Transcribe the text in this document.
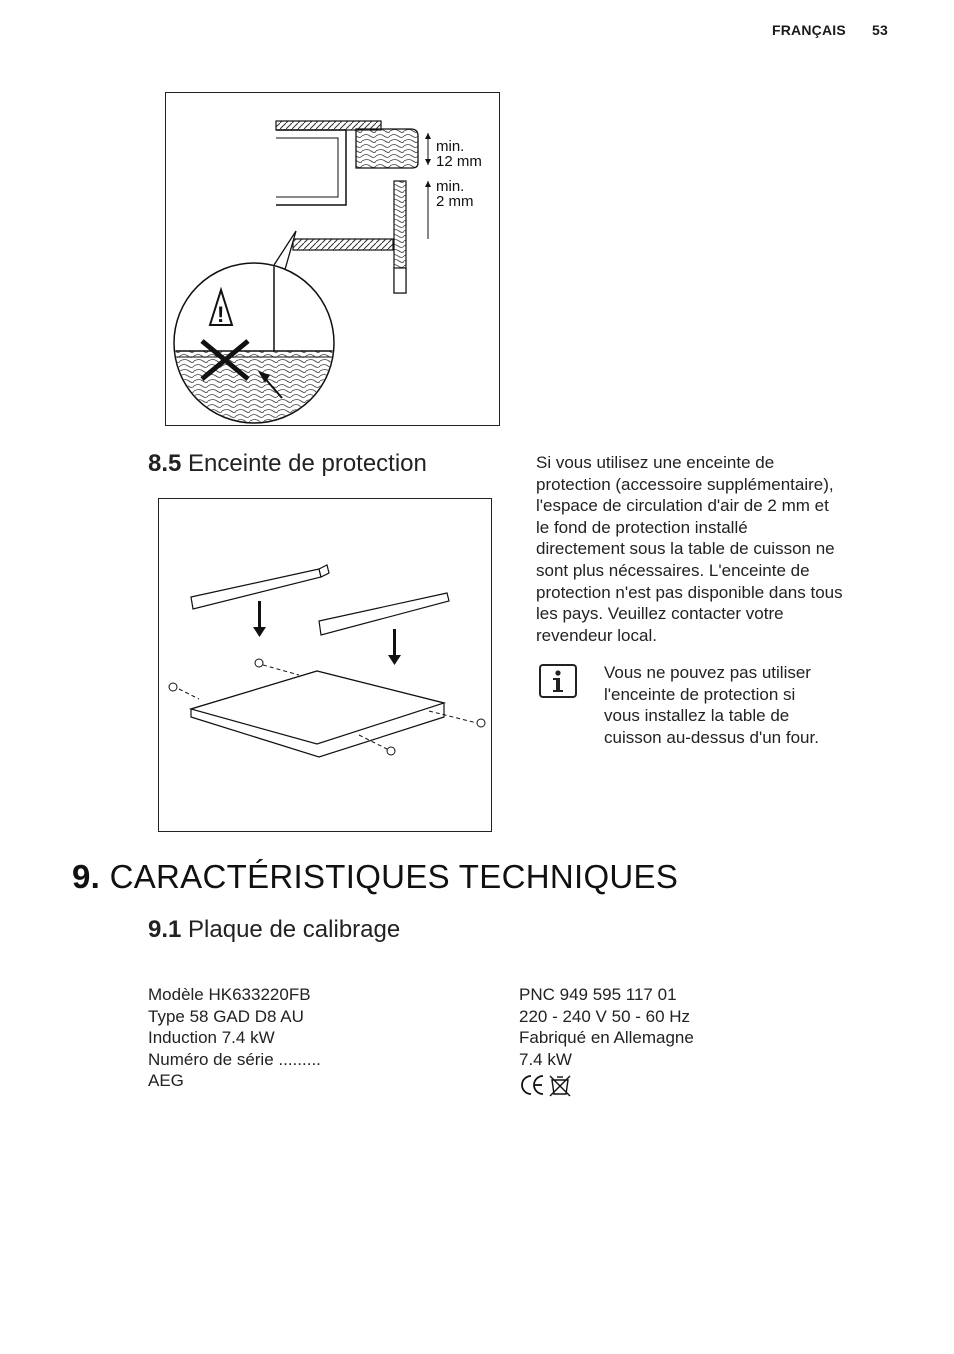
FRANÇAIS 53
min.
12 mm
min.
2 mm
!
8.5 Enceinte de protection	Si vous utilisez une enceinte de
protection (accessoire supplémentaire),
l'espace de circulation d'air de 2 mm et
le fond de protection installé
directement sous la table de cuisson ne
sont plus nécessaires. L'enceinte de
protection n'est pas disponible dans tous
les pays. Veuillez contacter votre
revendeur local.
Vous ne pouvez pas utiliser
l'enceinte de protection si
vous installez la table de
cuisson au-dessus d'un four.
9. CARACTÉRISTIQUES TECHNIQUES
9.1 Plaque de calibrage
Modèle HK633220FB
Type 58 GAD D8 AU
Induction 7.4 kW
Numéro de série .........
AEG
PNC 949 595 117 01
220 - 240 V 50 - 60 Hz
Fabriqué en Allemagne
7.4 kW
